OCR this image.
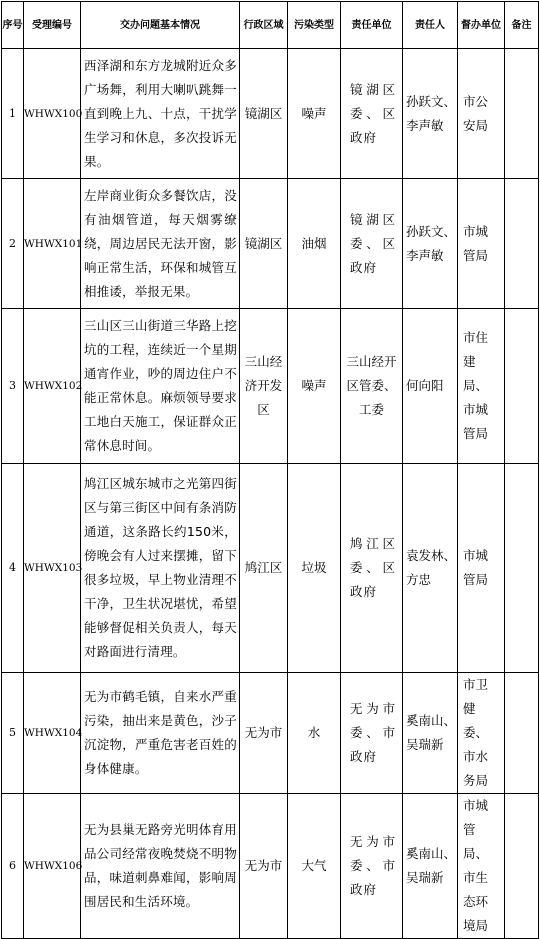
序号	受理编号	交办问题基本情况	行政区域	污染类型	责任单位	责任人	督办单位	备注
1	WHWX100	西泽湖和东方龙城附近众多广场舞，利用大喇叭跳舞一直到晚上九、十点，干扰学生学习和休息，多次投诉无果。	镜湖区	噪声	镜湖区委、区政府	孙跃文、李声敏	市公安局	
2	WHWX101	左岸商业街众多餐饮店，没有油烟管道，每天烟雾缭绕，周边居民无法开窗，影响正常生活，环保和城管互相推诿，举报无果。	镜湖区	油烟	镜湖区委、区政府	孙跃文、李声敏	市城管局	
3	WHWX102	三山区三山街道三华路上挖坑的工程，连续近一个星期通宵作业，吵的周边住户不能正常休息。麻烦领导要求工地白天施工，保证群众正常休息时间。	三山经济开发区	噪声	三山经开区管委、工委	何向阳	市住建局、市城管局	
4	WHWX103	鸠江区城东城市之光第四街区与第三街区中间有条消防通道，这条路长约150米，傍晚会有人过来摆摊，留下很多垃圾，早上物业清理不干净，卫生状况堪忧，希望能够督促相关负责人，每天对路面进行清理。	鸠江区	垃圾	鸠江区委、区政府	袁发林、方忠	市城管局	
5	WHWX104	无为市鹤毛镇，自来水严重污染，抽出来是黄色，沙子沉淀物，严重危害老百姓的身体健康。	无为市	水	无为市委、市政府	奚南山、吴瑞新	市卫健委、市水务局	
6	WHWX106	无为县巢无路旁光明体育用品公司经常夜晚焚烧不明物品，味道刺鼻难闻，影响周围居民和生活环境。	无为市	大气	无为市委、市政府	奚南山、吴瑞新	市城管局、市生态环境局	
